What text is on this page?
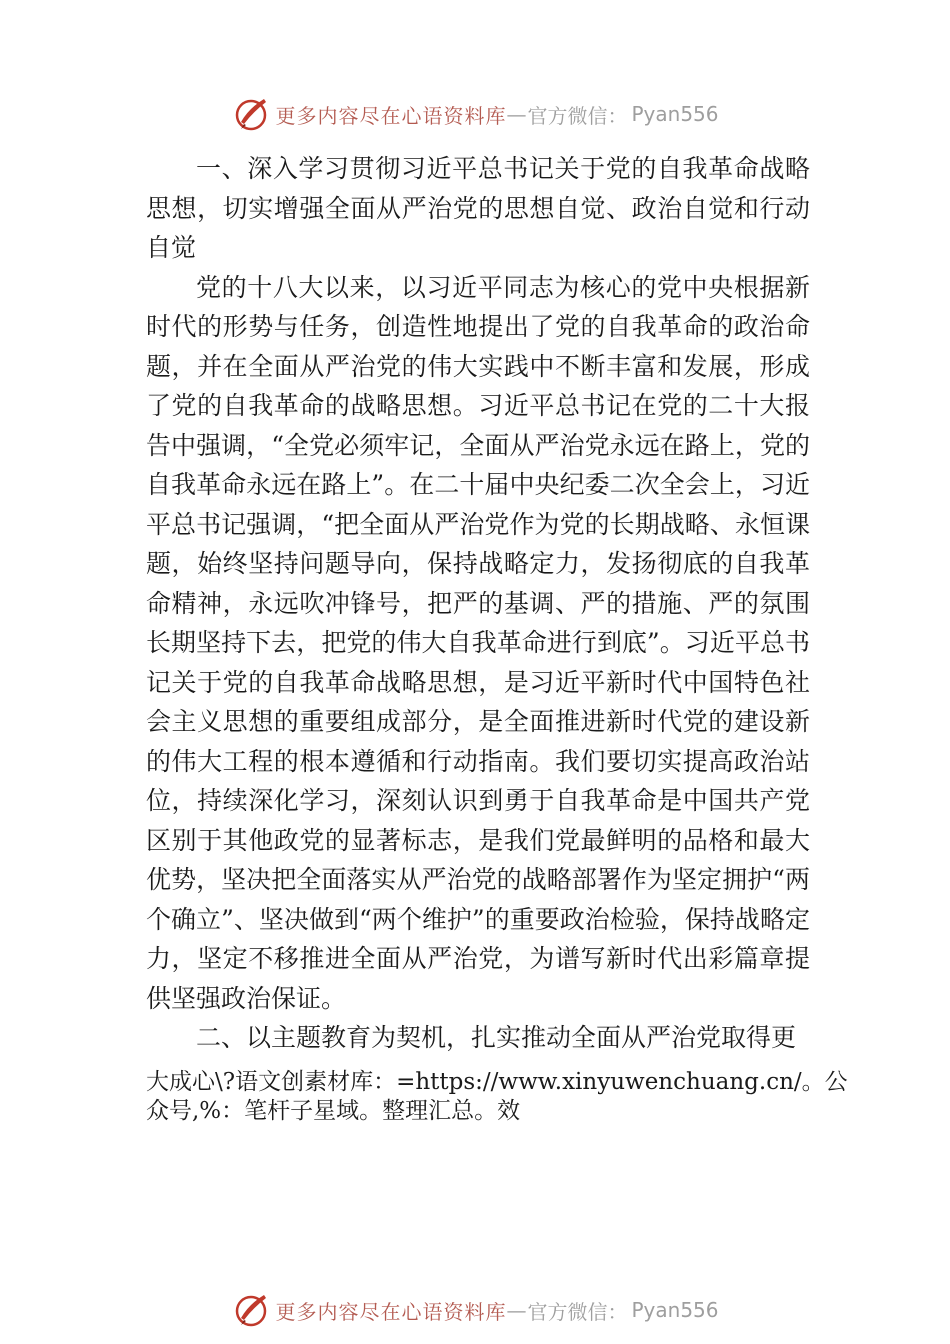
更多内容尽在心语资料库 — 官方微信： Pyan556

一、深入学习贯彻习近平总书记关于党的自我革命战略思想，切实增强全面从严治党的思想自觉、政治自觉和行动自觉

党的十八大以来，以习近平同志为核心的党中央根据新时代的形势与任务，创造性地提出了党的自我革命的政治命题，并在全面从严治党的伟大实践中不断丰富和发展，形成了党的自我革命的战略思想。习近平总书记在党的二十大报告中强调，“全党必须牢记，全面从严治党永远在路上，党的自我革命永远在路上”。在二十届中央纪委二次全会上，习近平总书记强调，“把全面从严治党作为党的长期战略、永恒课题，始终坚持问题导向，保持战略定力，发扬彻底的自我革命精神，永远吹冲锋号，把严的基调、严的措施、严的氛围长期坚持下去，把党的伟大自我革命进行到底”。习近平总书记关于党的自我革命战略思想，是习近平新时代中国特色社会主义思想的重要组成部分，是全面推进新时代党的建设新的伟大工程的根本遵循和行动指南。我们要切实提高政治站位，持续深化学习，深刻认识到勇于自我革命是中国共产党区别于其他政党的显著标志，是我们党最鲜明的品格和最大优势，坚决把全面落实从严治党的战略部署作为坚定拥护“两个确立”、坚决做到“两个维护”的重要政治检验，保持战略定力，坚定不移推进全面从严治党，为谱写新时代出彩篇章提供坚强政治保证。

二、以主题教育为契机，扎实推动全面从严治党取得更

大成心\?语文创素材库：=https://www.xinyuwenchuang.cn/。公众号,%：笔杆子星域。整理汇总。效

更多内容尽在心语资料库 — 官方微信： Pyan556
